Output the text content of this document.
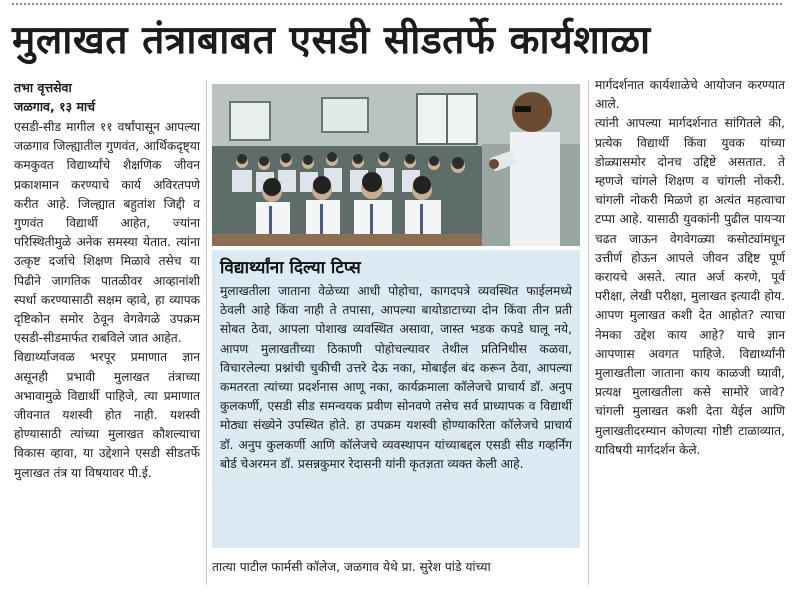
मुलाखत तंत्राबाबत एसडी सीडतर्फे कार्यशाळा
तभा वृत्तसेवा
जळगाव, १३ मार्च

एसडी-सीड मागील ११ वर्षांपासून आपल्या जळगाव जिल्ह्यातील गुणवंत, आर्थिकदृष्ट्या कमकुवत विद्यार्थ्यांचे शैक्षणिक जीवन प्रकाशमान करण्याचे कार्य अविरतपणे करीत आहे. जिल्ह्यात बहुतांश जिद्दी व गुणवंत विद्यार्थी आहेत, ज्यांना परिस्थितीमुळे अनेक समस्या येतात. त्यांना उत्कृष्ट दर्जाचे शिक्षण मिळावे तसेच या पिढीने जागतिक पातळीवर आव्हानांशी स्पर्धा करण्यासाठी सक्षम व्हावे, हा व्यापक दृष्टिकोन समोर ठेवून वेगवेगळे उपक्रम एसडी-सीडमार्फत राबविले जात आहेत.

विद्यार्थ्यांजवळ भरपूर प्रमाणात ज्ञान असूनही प्रभावी मुलाखत तंत्राच्या अभावामुळे विद्यार्थी पाहिजे, त्या प्रमाणात जीवनात यशस्वी होत नाही. यशस्वी होण्यासाठी त्यांच्या मुलाखत कौशल्याचा विकास व्हावा, या उद्देशाने एसडी सीडतर्फे मुलाखत तंत्र या विषयावर पी.ई.

विद्यार्थ्यांना दिल्या टिप्स

मुलाखतीला जाताना वेळेच्या आधी पोहोचा, कागदपत्रे व्यवस्थित फाईलमध्ये ठेवली आहे किंवा नाही ते तपासा, आपल्या बायोडाटाच्या दोन किंवा तीन प्रती सोबत ठेवा, आपला पोशाख व्यवस्थित असावा, जास्त भडक कपडे घालू नये, आपण मुलाखतीच्या ठिकाणी पोहोचल्यावर तेथील प्रतिनिधीस कळवा, विचारलेल्या प्रश्नांची चुकीची उत्तरे देऊ नका, मोबाईल बंद करून ठेवा, आपल्या कमतरता त्यांच्या प्रदर्शनास आणू नका, कार्यक्रमाला कॉलेजचे प्राचार्य डॉ. अनुप कुलकर्णी, एसडी सीड समन्वयक प्रवीण सोनवणे तसेच सर्व प्राध्यापक व विद्यार्थी मोठ्या संख्येने उपस्थित होते. हा उपक्रम यशस्वी होण्याकरिता कॉलेजचे प्राचार्य डॉ. अनुप कुलकर्णी आणि कॉलेजचे व्यवस्थापन यांच्याबद्दल एसडी सीड गव्हर्निंग बोर्ड चेअरमन डॉ. प्रसन्नकुमार रेदासनी यांनी कृतज्ञता व्यक्त केली आहे.

तात्या पाटील फार्मसी कॉलेज, जळगाव येथे प्रा. सुरेश पांडे यांच्या

मार्गदर्शनात कार्यशाळेचे आयोजन करण्यात आले.

त्यांनी आपल्या मार्गदर्शनात सांगितले की, प्रत्येक विद्यार्थी किंवा युवक यांच्या डोळ्यासमोर दोनच उद्दिष्टे असतात. ते म्हणजे चांगले शिक्षण व चांगली नोकरी. चांगली नोकरी मिळणे हा अत्यंत महत्वाचा टप्पा आहे. यासाठी युवकांनी पुढील पायऱ्या चढत जाऊन वेगवेगळ्या कसोट्यांमधून उत्तीर्ण होऊन आपले जीवन उद्दिष्ट पूर्ण करायचे असते. त्यात अर्ज करणे, पूर्व परीक्षा, लेखी परीक्षा, मुलाखत इत्यादी होय. आपण मुलाखत कशी देत आहोत? त्याचा नेमका उद्देश काय आहे? याचे ज्ञान आपणास अवगत पाहिजे. विद्यार्थ्यांनी मुलाखतीला जाताना काय काळजी घ्यावी, प्रत्यक्ष मुलाखतीला कसे सामोरे जावे? चांगली मुलाखत कशी देता येईल आणि मुलाखतीदरम्यान कोणत्या गोष्टी टाळाव्यात, याविषयी मार्गदर्शन केले.
